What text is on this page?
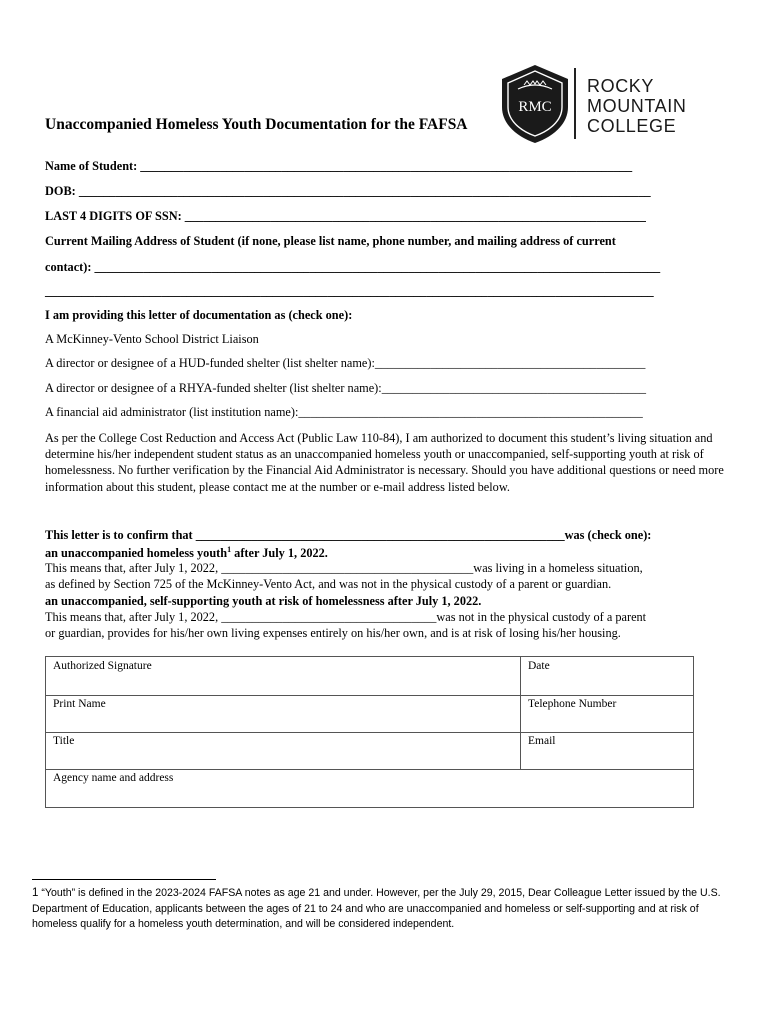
RMC
ROCKY
MOUNTAIN
COLLEGE
Unaccompanied Homeless Youth Documentation for the FAFSA
Name of Student: ________________________________________________________________________________
DOB: _____________________________________________________________________________________________
LAST 4 DIGITS OF SSN: ___________________________________________________________________________
Current Mailing Address of Student (if none, please list name, phone number, and mailing address of current
contact): ____________________________________________________________________________________________
___________________________________________________________________________________________________
I am providing this letter of documentation as (check one):
A McKinney-Vento School District Liaison
A director or designee of a HUD-funded shelter (list shelter name):____________________________________________
A director or designee of a RHYA-funded shelter (list shelter name):___________________________________________
A financial aid administrator (list institution name):________________________________________________________
As per the College Cost Reduction and Access Act (Public Law 110-84), I am authorized to document this student’s living situation and determine his/her independent student status as an unaccompanied homeless youth or unaccompanied, self-supporting youth at risk of homelessness. No further verification by the Financial Aid Administrator is necessary. Should you have additional questions or need more information about this student, please contact me at the number or e-mail address listed below.
This letter is to confirm that ____________________________________________________________was (check one):
an unaccompanied homeless youth$^1$ after July 1, 2022.
This means that, after July 1, 2022, _________________________________________was living in a homeless situation,
as defined by Section 725 of the McKinney-Vento Act, and was not in the physical custody of a parent or guardian.
an unaccompanied, self-supporting youth at risk of homelessness after July 1, 2022.
This means that, after July 1, 2022, ___________________________________was not in the physical custody of a parent
or guardian, provides for his/her own living expenses entirely on his/her own, and is at risk of losing his/her housing.
Authorized Signature	Date
Print Name	Telephone Number
Title	Email
Agency name and address
1 “Youth” is defined in the 2023-2024 FAFSA notes as age 21 and under. However, per the July 29, 2015, Dear Colleague Letter issued by the U.S. Department of Education, applicants between the ages of 21 to 24 and who are unaccompanied and homeless or self-supporting and at risk of homeless qualify for a homeless youth determination, and will be considered independent.
